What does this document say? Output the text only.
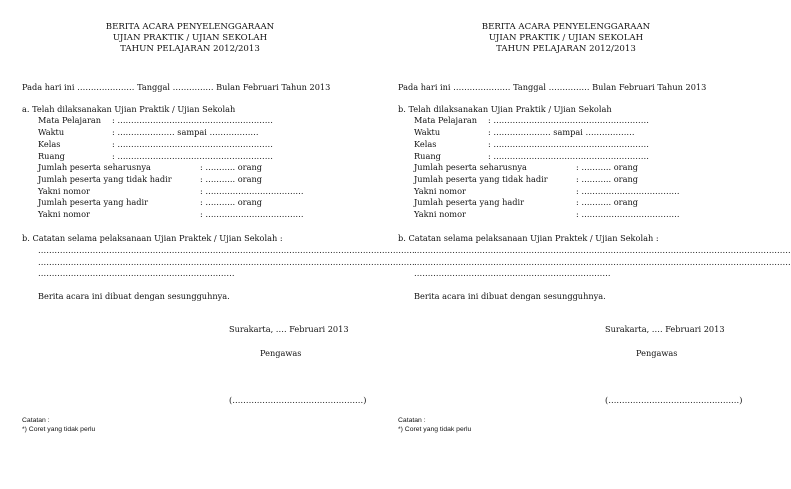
BERITA ACARA PENYELENGGARAAN
UJIAN PRAKTIK / UJIAN SEKOLAH
TAHUN PELAJARAN 2012/2013
Pada hari ini ………………… Tanggal …………… Bulan Februari Tahun 2013
a. Telah dilaksanakan Ujian Praktik / Ujian Sekolah
Mata Pelajaran : …………………………………………………
Waktu	: ………………… sampai ………………
Kelas	: …………………………………………………
Ruang	: …………………………………………………
Jumlah peserta seharusnya	: ……….. orang
Jumlah peserta yang tidak hadir	: ……….. orang
Yakni nomor	: ………………………………
Jumlah peserta yang hadir	: ……….. orang
Yakni nomor	: ………………………………
b. Catatan selama pelaksanaan Ujian Praktek / Ujian Sekolah :
…………………………………………………………………………………………………………………………
…………………………………………………………………………………………………………………………
………………………………………………………………
Berita acara ini dibuat dengan sesungguhnya.
Surakarta, …. Februari 2013
Pengawas
(…………………………………………)
Catatan :
*) Coret yang tidak perlu
BERITA ACARA PENYELENGGARAAN
UJIAN PRAKTIK / UJIAN SEKOLAH
TAHUN PELAJARAN 2012/2013
Pada hari ini ………………… Tanggal …………… Bulan Februari Tahun 2013
b. Telah dilaksanakan Ujian Praktik / Ujian Sekolah
Mata Pelajaran : …………………………………………………
Waktu	: ………………… sampai ………………
Kelas	: …………………………………………………
Ruang	: …………………………………………………
Jumlah peserta seharusnya	: ……….. orang
Jumlah peserta yang tidak hadir	: ……….. orang
Yakni nomor	: ………………………………
Jumlah peserta yang hadir	: ……….. orang
Yakni nomor	: ………………………………
b. Catatan selama pelaksanaan Ujian Praktek / Ujian Sekolah :
…………………………………………………………………………………………………………………………
…………………………………………………………………………………………………………………………
………………………………………………………………
Berita acara ini dibuat dengan sesungguhnya.
Surakarta, …. Februari 2013
Pengawas
(…………………………………………)
Catatan :
*) Coret yang tidak perlu
